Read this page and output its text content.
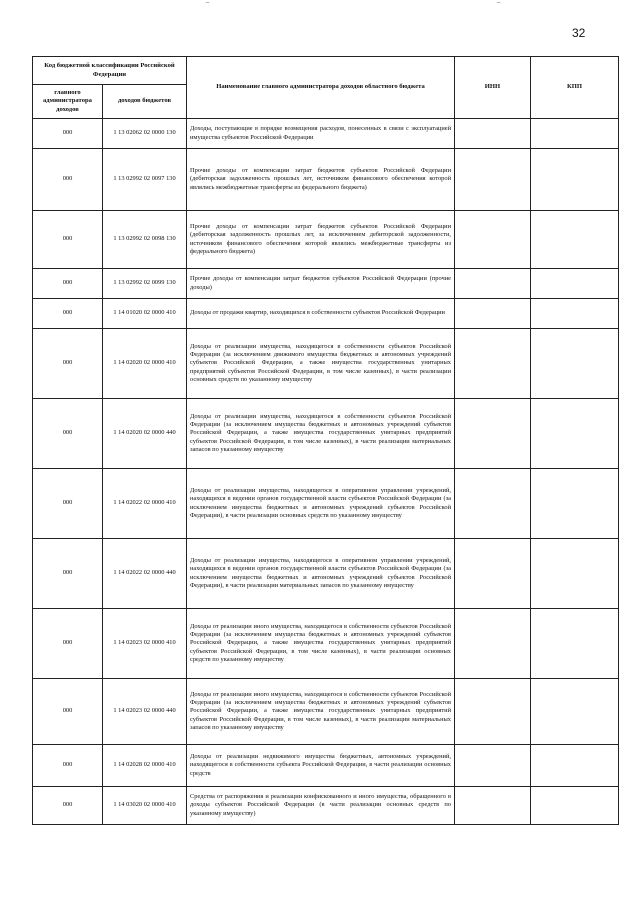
32
‾	‾
Код бюджетной классификации Российской Федерации		Наименование главного администратора доходов областного бюджета	ИНН	КПП
главного администратора доходов	доходов бюджетов			
000	1 13 02062 02 0000 130	Доходы, поступающие в порядке возмещения расходов, понесенных в связи с эксплуатацией имущества субъектов Российской Федерации		
000	1 13 02992 02 0097 130	Прочие доходы от компенсации затрат бюджетов субъектов Российской Федерации (дебиторская задолженность прошлых лет, источником финансового обеспечения которой являлись межбюджетные трансферты из федерального бюджета)		
000	1 13 02992 02 0098 130	Прочие доходы от компенсации затрат бюджетов субъектов Российской Федерации (дебиторская задолженность прошлых лет, за исключением дебиторской задолженности, источником финансового обеспечения которой являлись межбюджетные трансферты из федерального бюджета)		
000	1 13 02992 02 0099 130	Прочие доходы от компенсации затрат бюджетов субъектов Российской Федерации (прочие доходы)		
000	1 14 01020 02 0000 410	Доходы от продажи квартир, находящихся в собственности субъектов Российской Федерации		
000	1 14 02020 02 0000 410	Доходы от реализации имущества, находящегося в собственности субъектов Российской Федерации (за исключением движимого имущества бюджетных и автономных учреждений субъектов Российской Федерации, а также имущества государственных унитарных предприятий субъектов Российской Федерации, в том числе казенных), в части реализации основных средств по указанному имуществу		
000	1 14 02020 02 0000 440	Доходы от реализации имущества, находящегося в собственности субъектов Российской Федерации (за исключением имущества бюджетных и автономных учреждений субъектов Российской Федерации, а также имущества государственных унитарных предприятий субъектов Российской Федерации, в том числе казенных), в части реализации материальных запасов по указанному имуществу		
000	1 14 02022 02 0000 410	Доходы от реализации имущества, находящегося в оперативном управлении учреждений, находящихся в ведении органов государственной власти субъектов Российской Федерации (за исключением имущества бюджетных и автономных учреждений субъектов Российской Федерации), в части реализации основных средств по указанному имуществу		
000	1 14 02022 02 0000 440	Доходы от реализации имущества, находящегося в оперативном управлении учреждений, находящихся в ведении органов государственной власти субъектов Российской Федерации (за исключением имущества бюджетных и автономных учреждений субъектов Российской Федерации), в части реализации материальных запасов по указанному имуществу		
000	1 14 02023 02 0000 410	Доходы от реализации иного имущества, находящегося в собственности субъектов Российской Федерации (за исключением имущества бюджетных и автономных учреждений субъектов Российской Федерации, а также имущества государственных унитарных предприятий субъектов Российской Федерации, в том числе казенных), в части реализации основных средств по указанному имуществу		
000	1 14 02023 02 0000 440	Доходы от реализации иного имущества, находящегося в собственности субъектов Российской Федерации (за исключением имущества бюджетных и автономных учреждений субъектов Российской Федерации, а также имущества государственных унитарных предприятий субъектов Российской Федерации, в том числе казенных), в части реализации материальных запасов по указанному имуществу		
000	1 14 02028 02 0000 410	Доходы от реализации недвижимого имущества бюджетных, автономных учреждений, находящегося в собственности субъекта Российской Федерации, в части реализации основных средств		
000	1 14 03020 02 0000 410	Средства от распоряжения и реализации конфискованного и иного имущества, обращенного в доходы субъектов Российской Федерации (в части реализации основных средств по указанному имуществу)		
